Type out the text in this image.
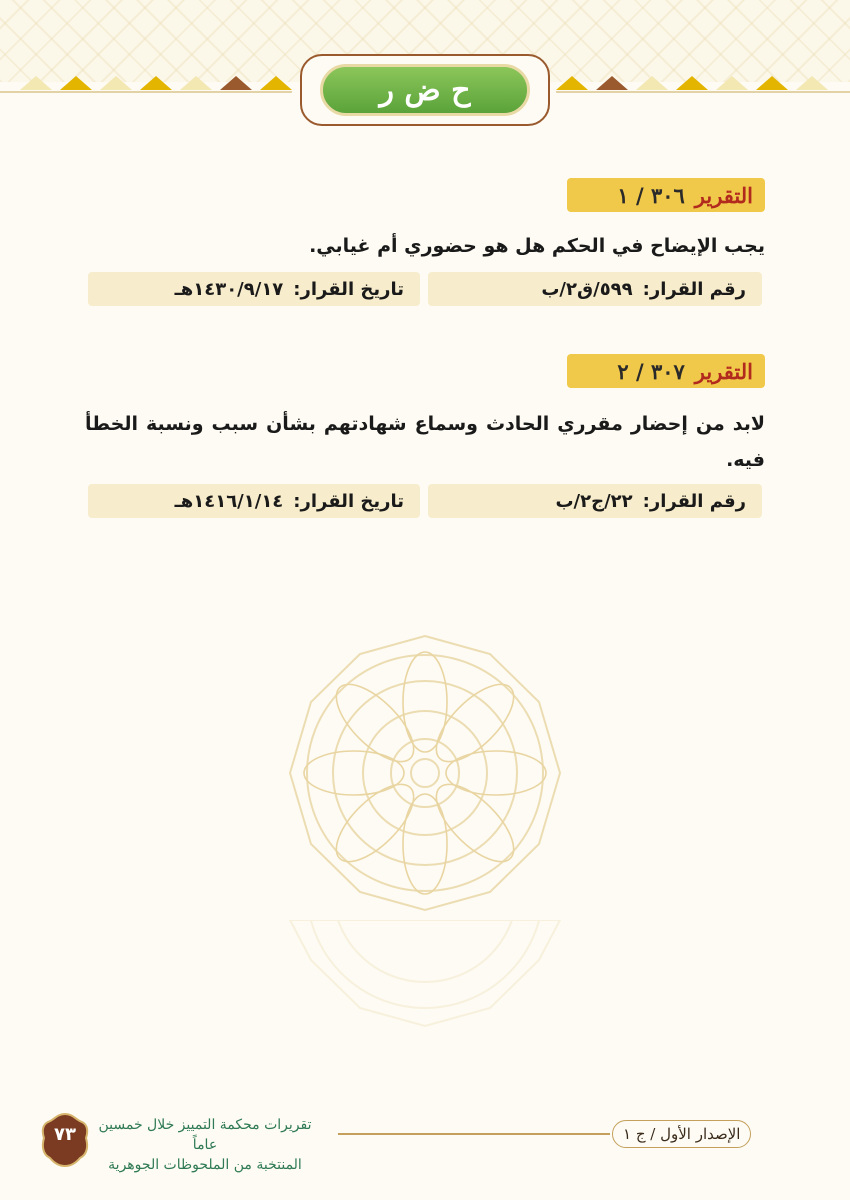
ح ض ر
التقرير
٣٠٦ / ١
يجب الإيضاح في الحكم هل هو حضوري أم غيابي.
رقم القرار:
٥٩٩/ق٢/ب
تاريخ القرار:
١٤٣٠/٩/١٧هـ
التقرير
٣٠٧ / ٢
لابد من إحضار مقرري الحادث وسماع شهادتهم بشأن سبب ونسبة الخطأ فيه.
رقم القرار:
٢٢/ج٢/ب
تاريخ القرار:
١٤١٦/١/١٤هـ
الإصدار الأول / ج ١
تقريرات محكمة التمييز خلال خمسين عاماً
المنتخبة من الملحوظات الجوهرية
٧٣
